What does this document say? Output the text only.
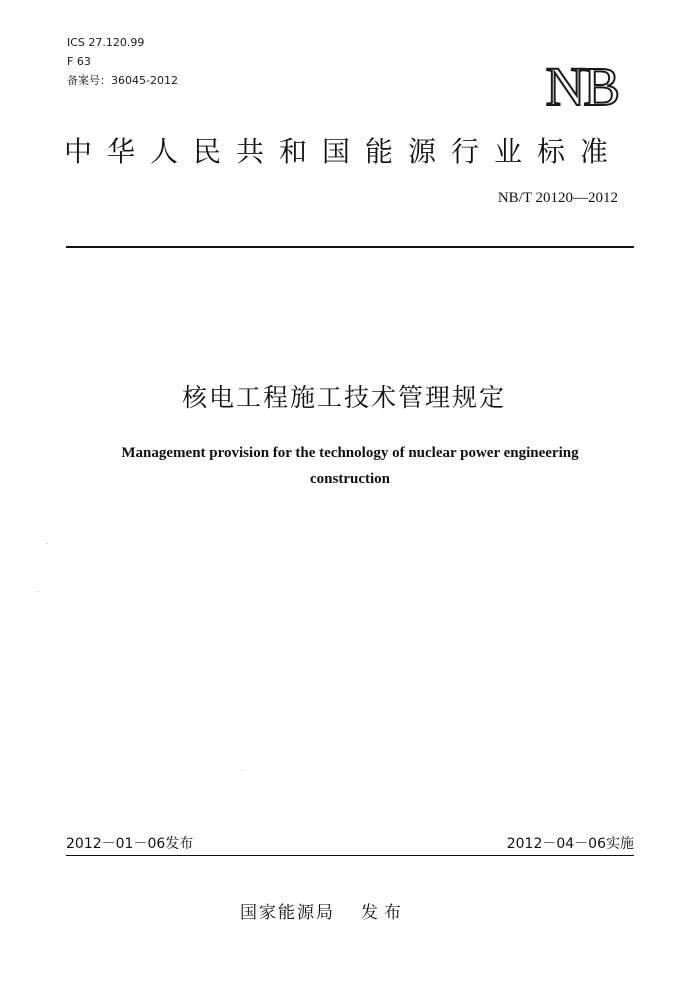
ICS 27.120.99
F 63
备案号：36045-2012	NB
中华人民共和国能源行业标准
NB/T 20120—2012
核电工程施工技术管理规定
Management provision for the technology of nuclear power engineering
construction
2012－01－06发布	2012－04－06实施
国家能源局 发布
